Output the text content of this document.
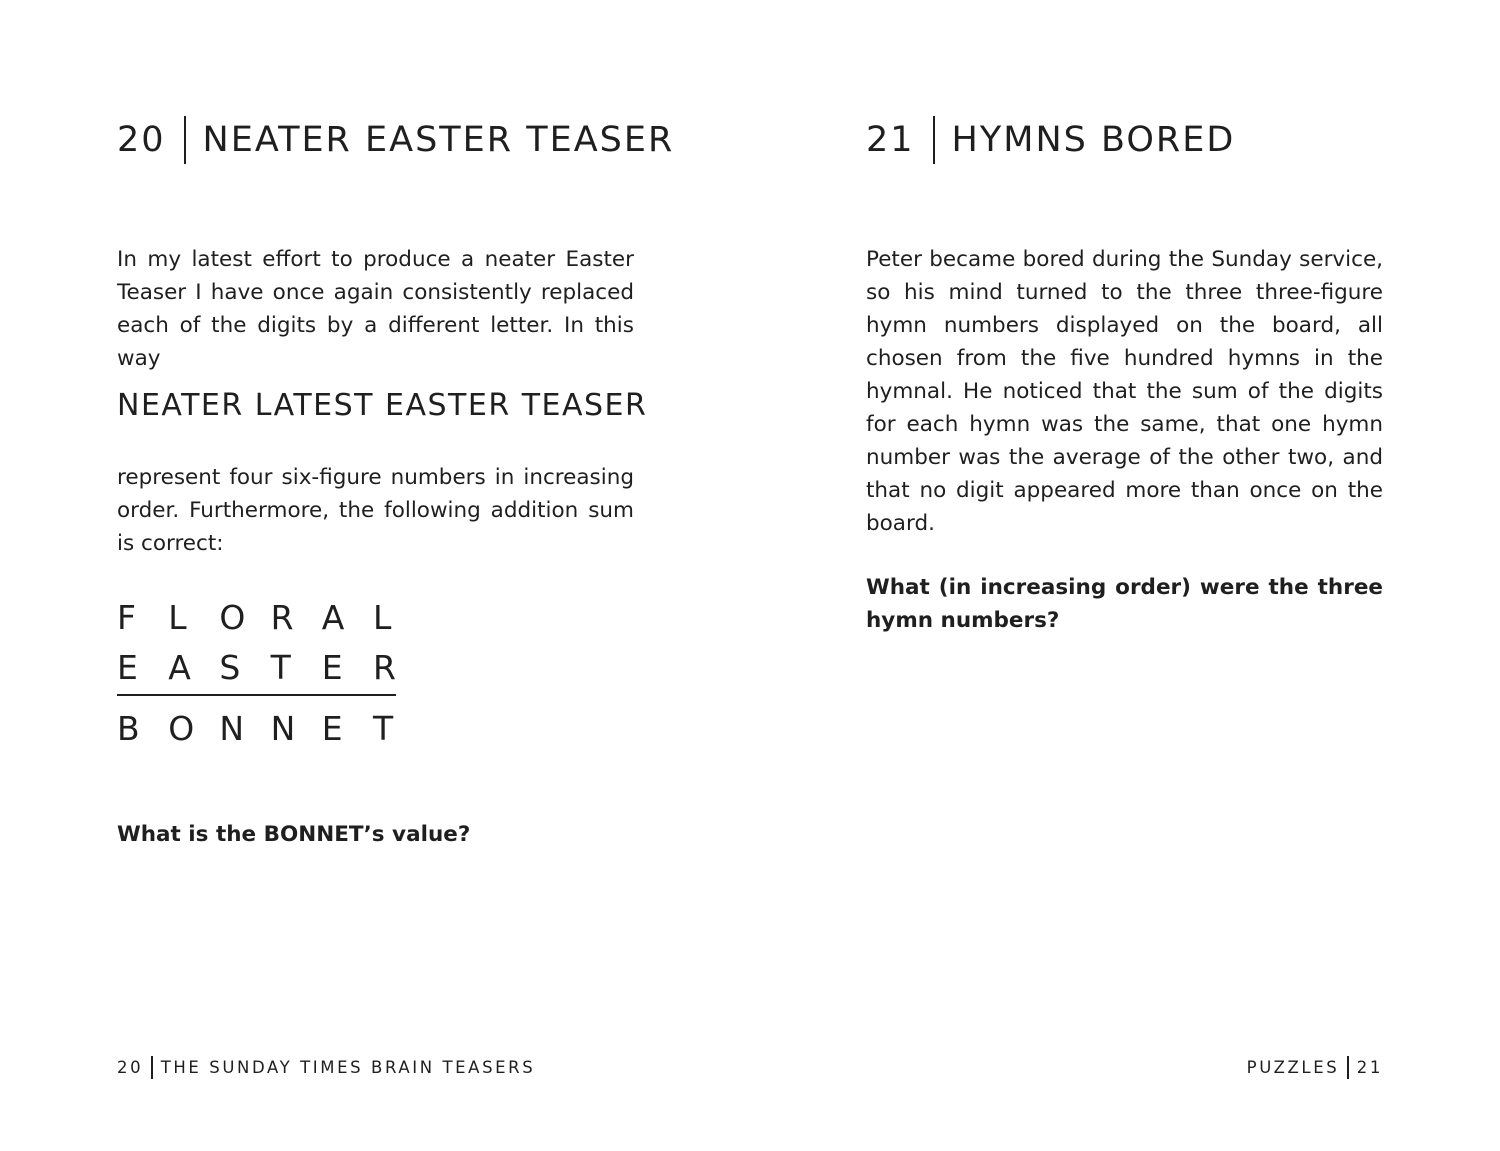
20 NEATER EASTER TEASER

In my latest effort to produce a neater Easter Teaser I have once again consistently replaced each of the digits by a different letter. In this way

NEATER LATEST EASTER TEASER

represent four six-figure numbers in increasing order. Furthermore, the following addition sum is correct:

F L O R A L
E A S T E R
B O N N E T

What is the BONNET’s value?

21 HYMNS BORED

Peter became bored during the Sunday service, so his mind turned to the three three-figure hymn numbers displayed on the board, all chosen from the five hundred hymns in the hymnal. He noticed that the sum of the digits for each hymn was the same, that one hymn number was the average of the other two, and that no digit appeared more than once on the board.

What (in increasing order) were the three hymn numbers?

20 THE SUNDAY TIMES BRAIN TEASERS	PUZZLES 21
